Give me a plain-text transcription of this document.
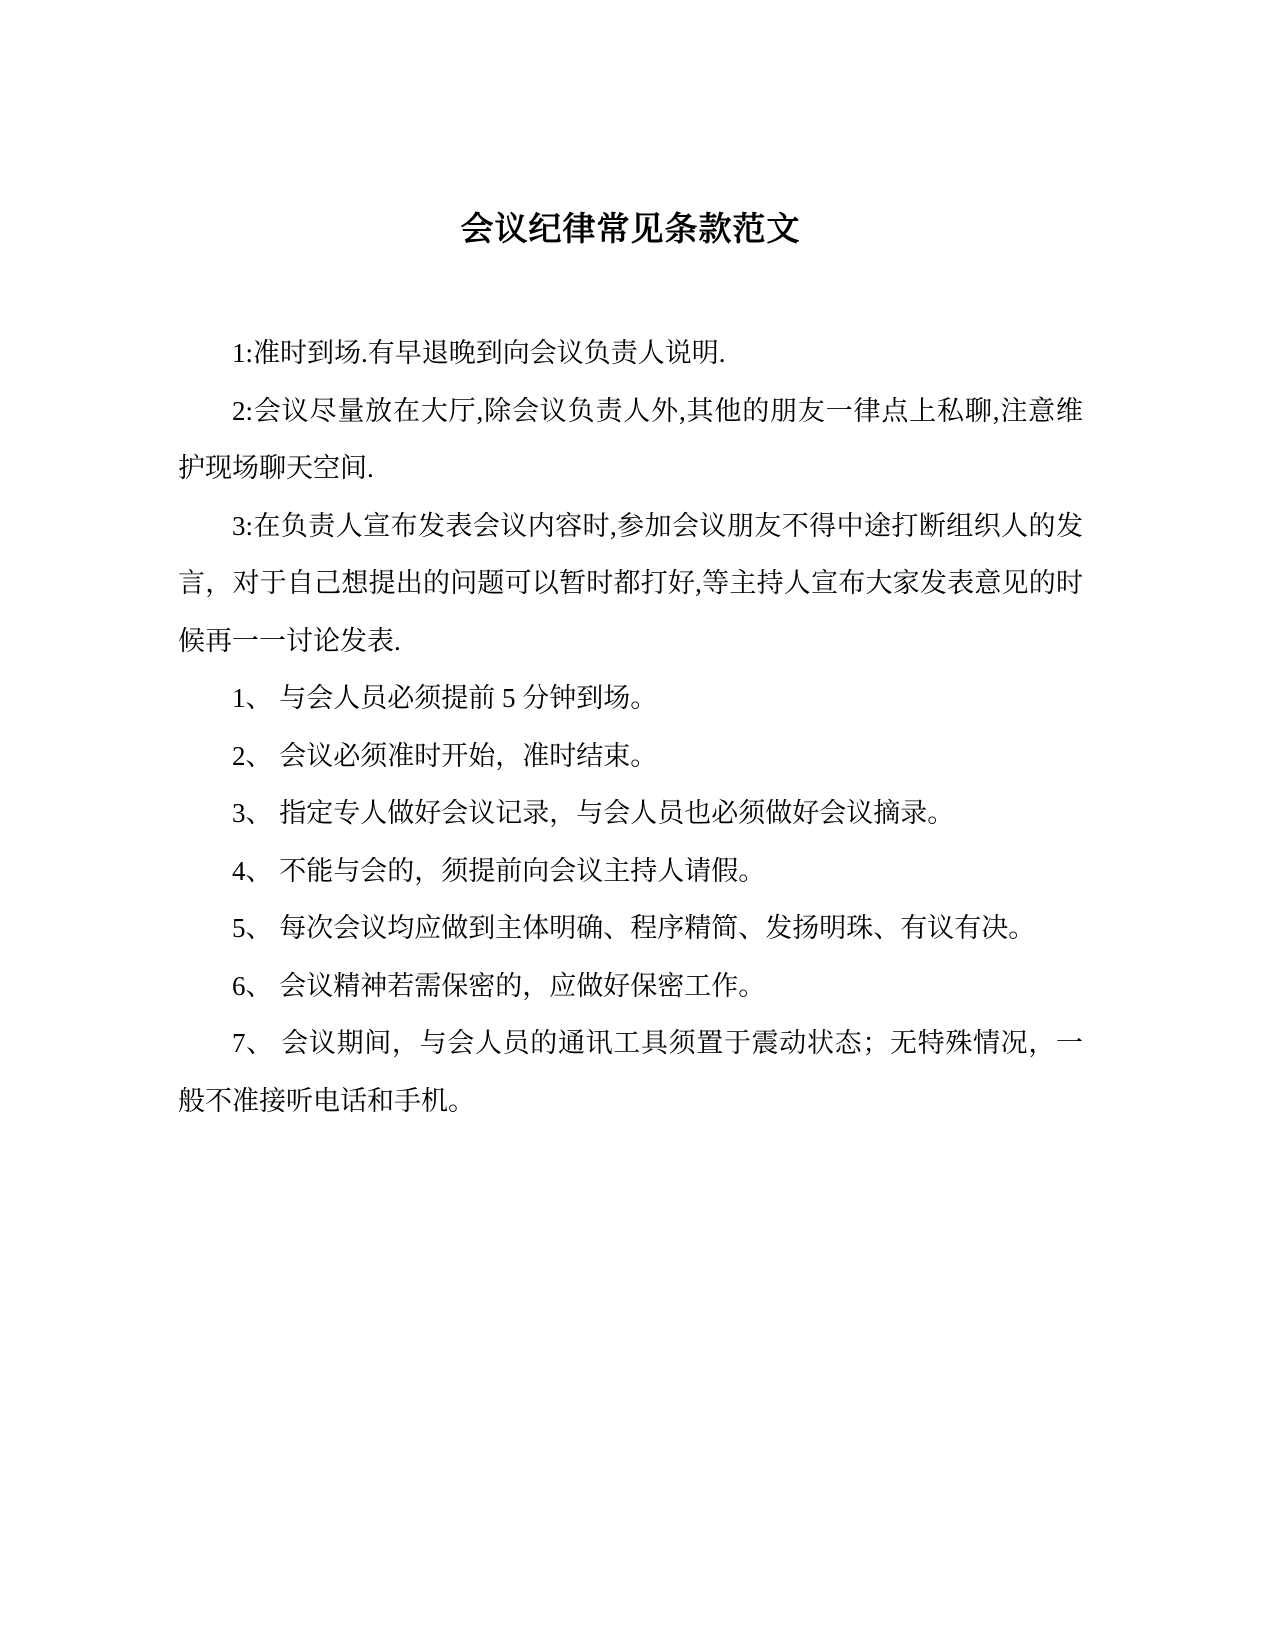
会议纪律常见条款范文

1:准时到场.有早退晚到向会议负责人说明.

2:会议尽量放在大厅,除会议负责人外,其他的朋友一律点上私聊,注意维护现场聊天空间.

3:在负责人宣布发表会议内容时,参加会议朋友不得中途打断组织人的发言，对于自己想提出的问题可以暂时都打好,等主持人宣布大家发表意见的时候再一一讨论发表.

1、 与会人员必须提前 5 分钟到场。

2、 会议必须准时开始，准时结束。

3、 指定专人做好会议记录，与会人员也必须做好会议摘录。

4、 不能与会的，须提前向会议主持人请假。

5、 每次会议均应做到主体明确、程序精简、发扬明珠、有议有决。

6、 会议精神若需保密的，应做好保密工作。

7、 会议期间，与会人员的通讯工具须置于震动状态；无特殊情况，一般不准接听电话和手机。
